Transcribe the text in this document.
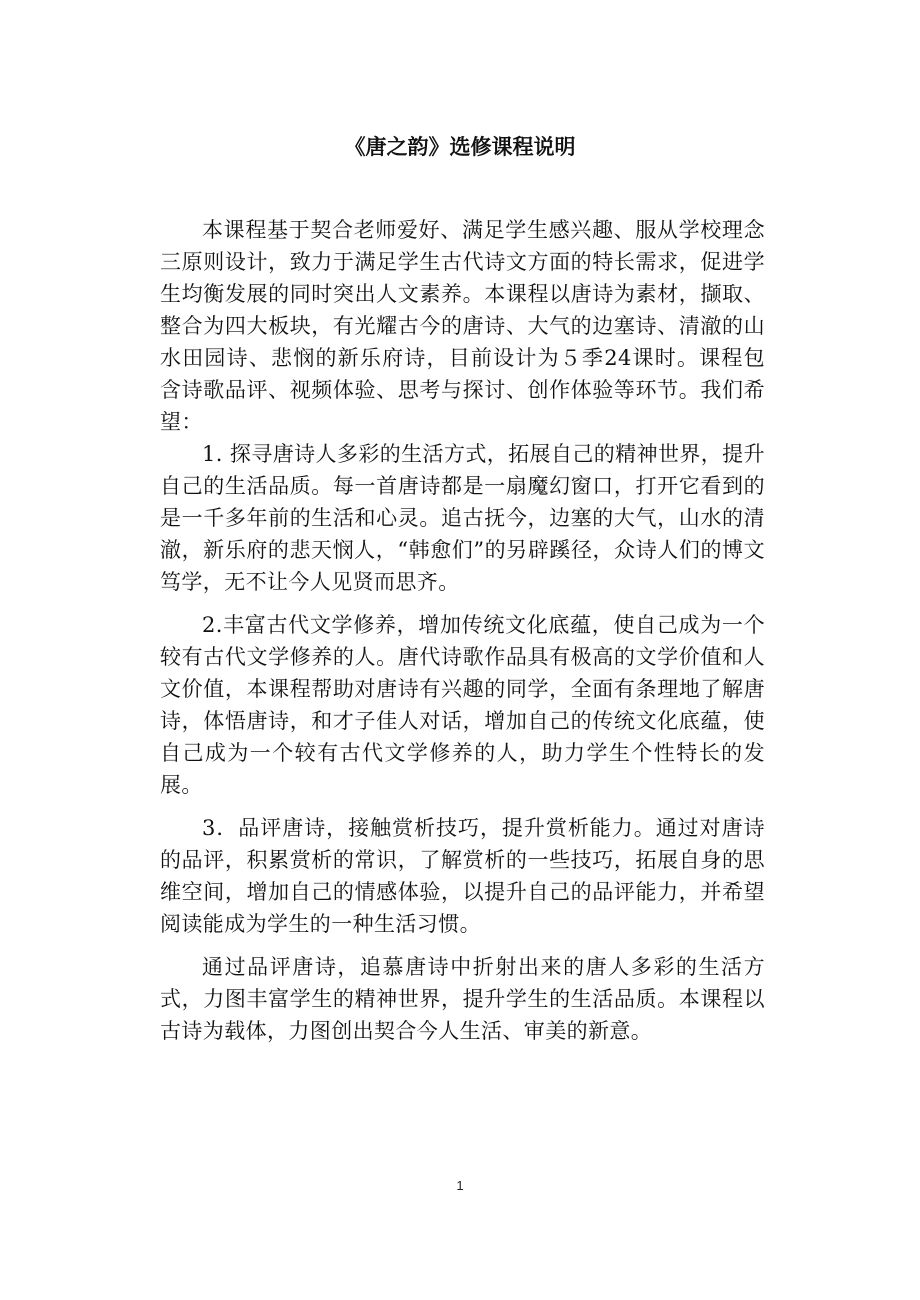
《唐之韵》选修课程说明

本课程基于契合老师爱好、满足学生感兴趣、服从学校理念三原则设计，致力于满足学生古代诗文方面的特长需求，促进学生均衡发展的同时突出人文素养。本课程以唐诗为素材，撷取、整合为四大板块，有光耀古今的唐诗、大气的边塞诗、清澈的山水田园诗、悲悯的新乐府诗，目前设计为５季24课时。课程包含诗歌品评、视频体验、思考与探讨、创作体验等环节。我们希望：

1. 探寻唐诗人多彩的生活方式，拓展自己的精神世界，提升自己的生活品质。每一首唐诗都是一扇魔幻窗口，打开它看到的是一千多年前的生活和心灵。追古抚今，边塞的大气，山水的清澈，新乐府的悲天悯人，“韩愈们”的另辟蹊径，众诗人们的博文笃学，无不让今人见贤而思齐。

2.丰富古代文学修养，增加传统文化底蕴，使自己成为一个较有古代文学修养的人。唐代诗歌作品具有极高的文学价值和人文价值，本课程帮助对唐诗有兴趣的同学，全面有条理地了解唐诗，体悟唐诗，和才子佳人对话，增加自己的传统文化底蕴，使自己成为一个较有古代文学修养的人，助力学生个性特长的发展。

3．品评唐诗，接触赏析技巧，提升赏析能力。通过对唐诗的品评，积累赏析的常识，了解赏析的一些技巧，拓展自身的思维空间，增加自己的情感体验，以提升自己的品评能力，并希望阅读能成为学生的一种生活习惯。

通过品评唐诗，追慕唐诗中折射出来的唐人多彩的生活方式，力图丰富学生的精神世界，提升学生的生活品质。本课程以古诗为载体，力图创出契合今人生活、审美的新意。

1
